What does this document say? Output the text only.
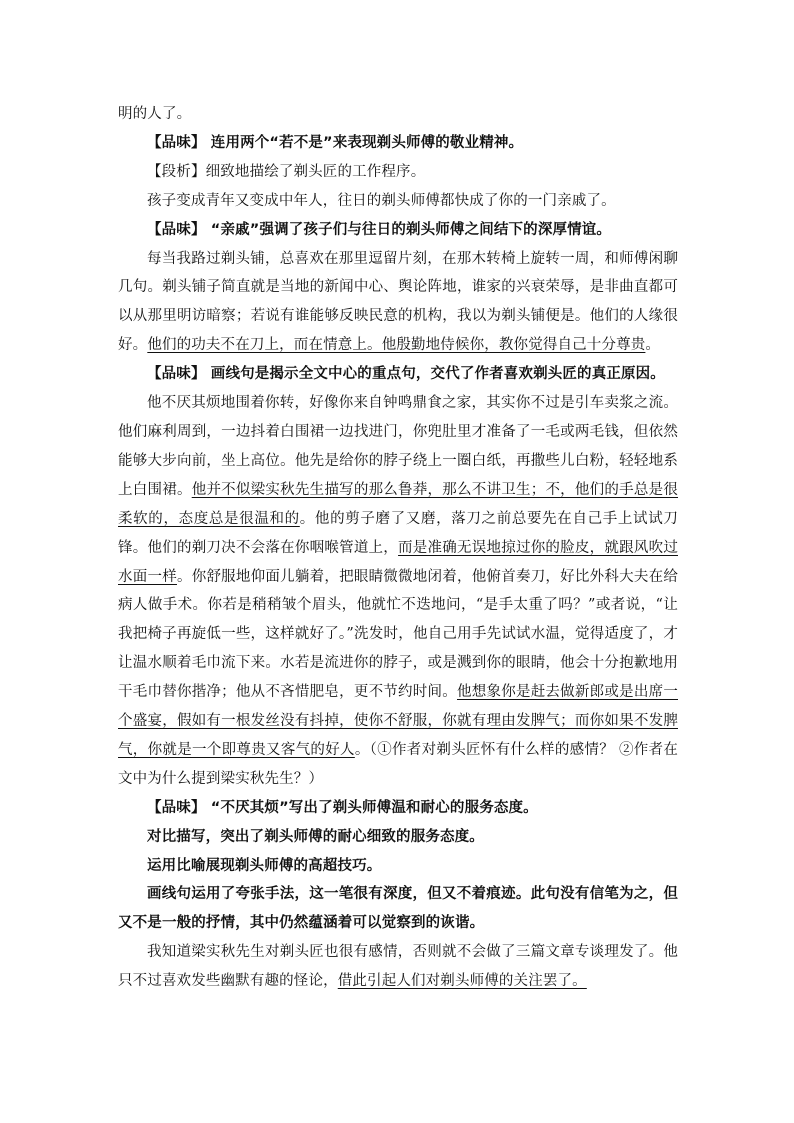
明的人了。

【品味】 连用两个“若不是”来表现剃头师傅的敬业精神。

【段析】细致地描绘了剃头匠的工作程序。

孩子变成青年又变成中年人，往日的剃头师傅都快成了你的一门亲戚了。

【品味】 “亲戚”强调了孩子们与往日的剃头师傅之间结下的深厚情谊。

每当我路过剃头铺，总喜欢在那里逗留片刻，在那木转椅上旋转一周，和师傅闲聊几句。剃头铺子简直就是当地的新闻中心、舆论阵地，谁家的兴衰荣辱，是非曲直都可以从那里明访暗察；若说有谁能够反映民意的机构，我以为剃头铺便是。他们的人缘很好。他们的功夫不在刀上，而在情意上。他殷勤地侍候你，教你觉得自己十分尊贵。

【品味】 画线句是揭示全文中心的重点句，交代了作者喜欢剃头匠的真正原因。

他不厌其烦地围着你转，好像你来自钟鸣鼎食之家，其实你不过是引车卖浆之流。他们麻利周到，一边抖着白围裙一边找进门，你兜肚里才准备了一毛或两毛钱，但依然能够大步向前，坐上高位。他先是给你的脖子绕上一圈白纸，再撒些儿白粉，轻轻地系上白围裙。他并不似梁实秋先生描写的那么鲁莽，那么不讲卫生；不，他们的手总是很柔软的，态度总是很温和的。他的剪子磨了又磨，落刀之前总要先在自己手上试试刀锋。他们的剃刀决不会落在你咽喉管道上，而是准确无误地掠过你的脸皮，就跟风吹过水面一样。你舒服地仰面儿躺着，把眼睛微微地闭着，他俯首奏刀，好比外科大夫在给病人做手术。你若是稍稍皱个眉头，他就忙不迭地问，“是手太重了吗？”或者说，“让我把椅子再旋低一些，这样就好了。”洗发时，他自己用手先试试水温，觉得适度了，才让温水顺着毛巾流下来。水若是流进你的脖子，或是溅到你的眼睛，他会十分抱歉地用干毛巾替你揩净；他从不吝惜肥皂，更不节约时间。他想象你是赶去做新郎或是出席一个盛宴，假如有一根发丝没有抖掉，使你不舒服，你就有理由发脾气；而你如果不发脾气，你就是一个即尊贵又客气的好人。（①作者对剃头匠怀有什么样的感情？ ②作者在文中为什么提到梁实秋先生？）

【品味】 “不厌其烦”写出了剃头师傅温和耐心的服务态度。

对比描写，突出了剃头师傅的耐心细致的服务态度。

运用比喻展现剃头师傅的高超技巧。

画线句运用了夸张手法，这一笔很有深度，但又不着痕迹。此句没有信笔为之，但又不是一般的抒情，其中仍然蕴涵着可以觉察到的诙谐。

我知道梁实秋先生对剃头匠也很有感情，否则就不会做了三篇文章专谈理发了。他只不过喜欢发些幽默有趣的怪论，借此引起人们对剃头师傅的关注罢了。
